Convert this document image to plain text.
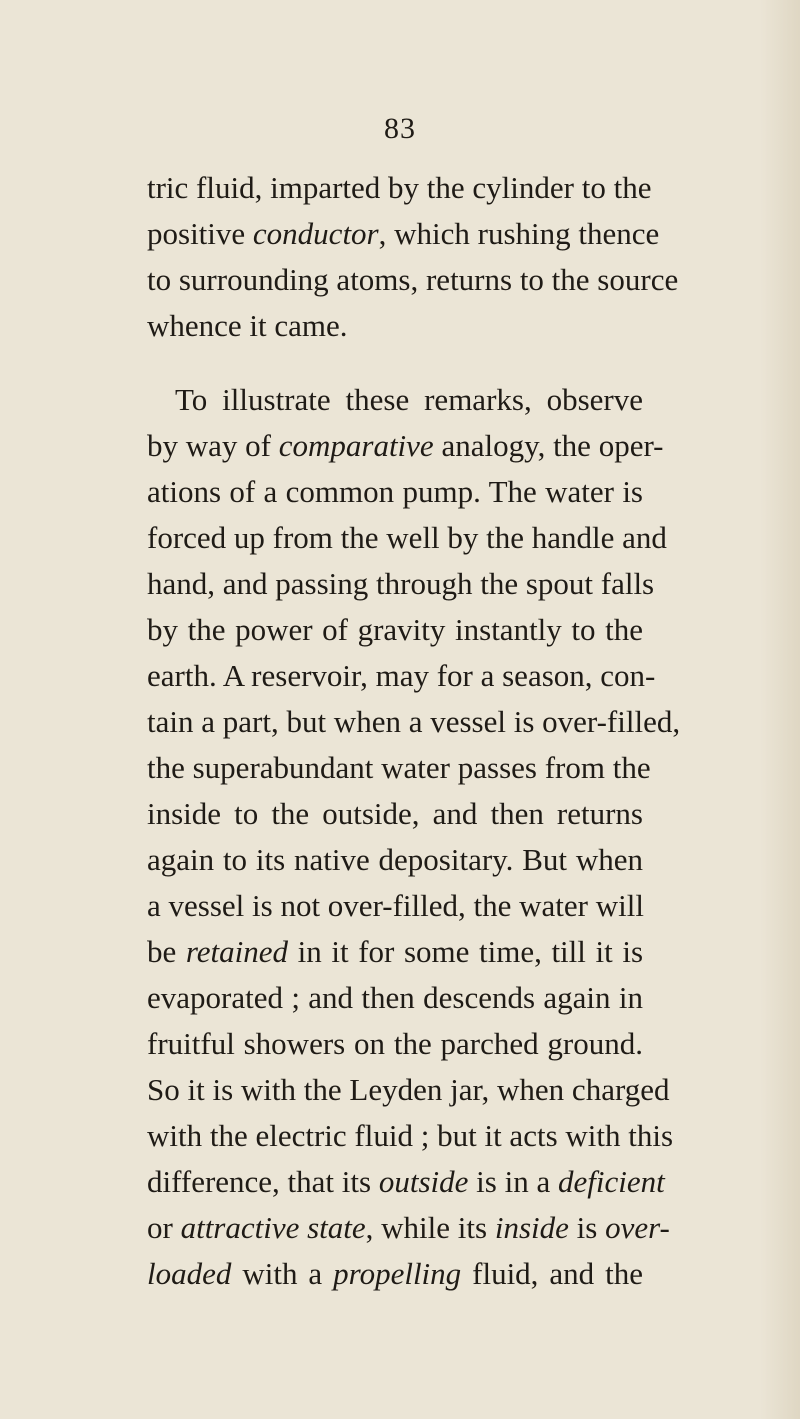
83
tric fluid, imparted by the cylinder to the
positive conductor, which rushing thence
to surrounding atoms, returns to the source
whence it came.
To illustrate these remarks, observe
by way of comparative analogy, the oper-
ations of a common pump. The water is
forced up from the well by the handle and
hand, and passing through the spout falls
by the power of gravity instantly to the
earth. A reservoir, may for a season, con-
tain a part, but when a vessel is over-filled,
the superabundant water passes from the
inside to the outside, and then returns
again to its native depositary. But when
a vessel is not over-filled, the water will
be retained in it for some time, till it is
evaporated ; and then descends again in
fruitful showers on the parched ground.
So it is with the Leyden jar, when charged
with the electric fluid ; but it acts with this
difference, that its outside is in a deficient
or attractive state, while its inside is over-
loaded with a propelling fluid, and the
